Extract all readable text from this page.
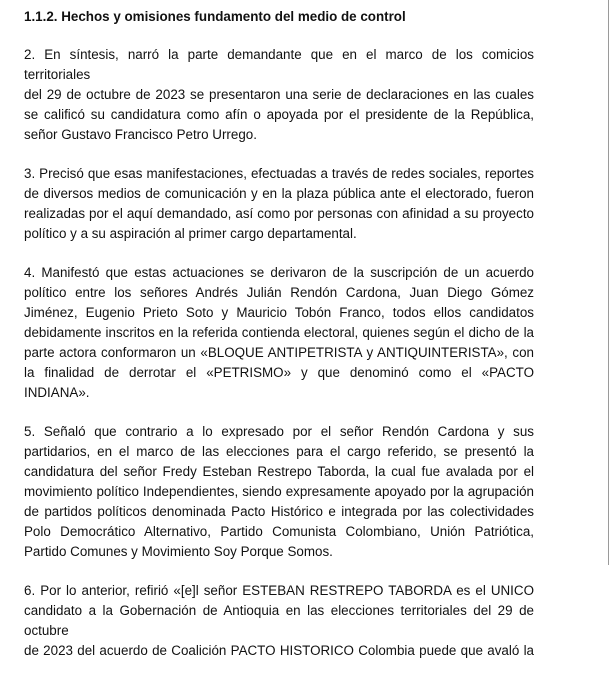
1.1.2. Hechos y omisiones fundamento del medio de control
2. En síntesis, narró la parte demandante que en el marco de los comicios territoriales
del 29 de octubre de 2023 se presentaron una serie de declaraciones en las cuales
se calificó su candidatura como afín o apoyada por el presidente de la República,
señor Gustavo Francisco Petro Urrego.
3. Precisó que esas manifestaciones, efectuadas a través de redes sociales, reportes
de diversos medios de comunicación y en la plaza pública ante el electorado, fueron
realizadas por el aquí demandado, así como por personas con afinidad a su proyecto
político y a su aspiración al primer cargo departamental.
4. Manifestó que estas actuaciones se derivaron de la suscripción de un acuerdo
político entre los señores Andrés Julián Rendón Cardona, Juan Diego Gómez
Jiménez, Eugenio Prieto Soto y Mauricio Tobón Franco, todos ellos candidatos
debidamente inscritos en la referida contienda electoral, quienes según el dicho de la
parte actora conformaron un «BLOQUE ANTIPETRISTA y ANTIQUINTERISTA», con
la finalidad de derrotar el «PETRISMO» y que denominó como el «PACTO
INDIANA».
5. Señaló que contrario a lo expresado por el señor Rendón Cardona y sus
partidarios, en el marco de las elecciones para el cargo referido, se presentó la
candidatura del señor Fredy Esteban Restrepo Taborda, la cual fue avalada por el
movimiento político Independientes, siendo expresamente apoyado por la agrupación
de partidos políticos denominada Pacto Histórico e integrada por las colectividades
Polo Democrático Alternativo, Partido Comunista Colombiano, Unión Patriótica,
Partido Comunes y Movimiento Soy Porque Somos.
6. Por lo anterior, refirió «[e]l señor ESTEBAN RESTREPO TABORDA es el UNICO
candidato a la Gobernación de Antioquia en las elecciones territoriales del 29 de octubre
de 2023 del acuerdo de Coalición PACTO HISTORICO Colombia puede que avaló la
